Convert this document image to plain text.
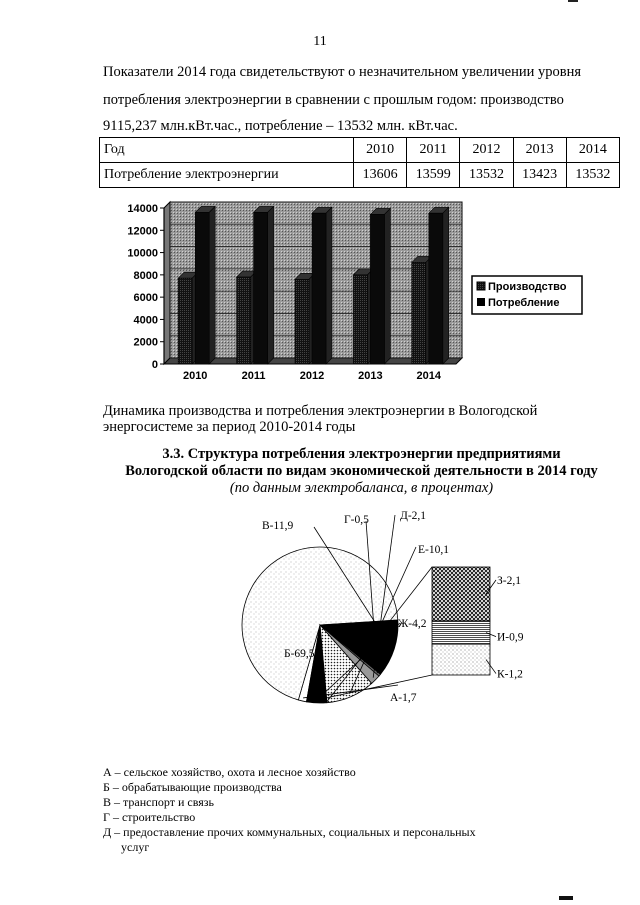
11
Показатели 2014 года свидетельствуют о незначительном увеличении уровня
потребления электроэнергии в сравнении с прошлым годом: производство
9115,237 млн.кВт.час., потребление – 13532 млн. кВт.час.
Год	2010	2011	2012	2013	2014
Потребление электроэнергии	13606	13599	13532	13423	13532
0
2000
4000
6000
8000
10000
12000
14000
2010	2011	2012	2013	2014
Производство
Потребление
Динамика производства и потребления электроэнергии в Вологодской
энергосистеме за период 2010-2014 годы
3.3. Структура потребления электроэнергии предприятиями
Вологодской области по видам экономической деятельности в 2014 году
(по данным электробаланса, в процентах)
З-2,1
И-0,9
К-1,2
А-1,7
Б-69,5
В-11,9	Г-0,5	Д-2,1
Е-10,1
Ж-4,2
А – сельское хозяйство, охота и лесное хозяйство
Б – обрабатывающие производства
В – транспорт и связь
Г – строительство
Д – предоставление прочих коммунальных, социальных и персональных
услуг
